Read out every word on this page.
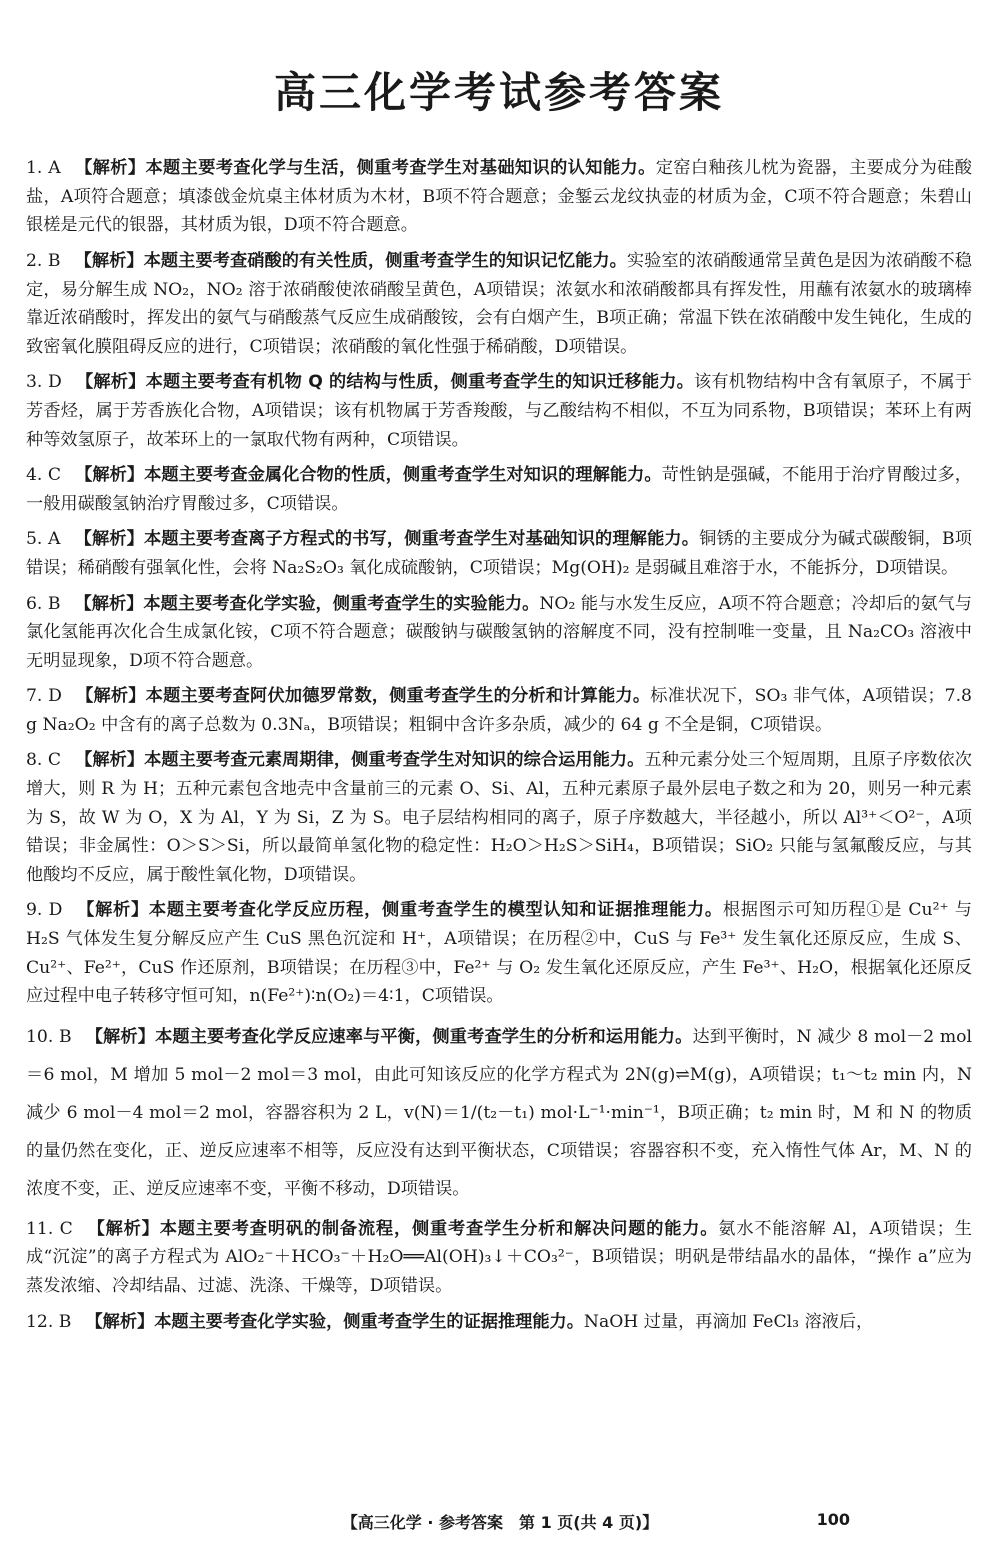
高三化学考试参考答案
1. A 【解析】本题主要考查化学与生活，侧重考查学生对基础知识的认知能力。定窑白釉孩儿枕为瓷器，主要成分为硅酸盐，A项符合题意；填漆戗金炕桌主体材质为木材，B项不符合题意；金錾云龙纹执壶的材质为金，C项不符合题意；朱碧山银槎是元代的银器，其材质为银，D项不符合题意。
2. B 【解析】本题主要考查硝酸的有关性质，侧重考查学生的知识记忆能力。实验室的浓硝酸通常呈黄色是因为浓硝酸不稳定，易分解生成 NO₂，NO₂ 溶于浓硝酸使浓硝酸呈黄色，A项错误；浓氨水和浓硝酸都具有挥发性，用蘸有浓氨水的玻璃棒靠近浓硝酸时，挥发出的氨气与硝酸蒸气反应生成硝酸铵，会有白烟产生，B项正确；常温下铁在浓硝酸中发生钝化，生成的致密氧化膜阻碍反应的进行，C项错误；浓硝酸的氧化性强于稀硝酸，D项错误。
3. D 【解析】本题主要考查有机物 Q 的结构与性质，侧重考查学生的知识迁移能力。该有机物结构中含有氧原子，不属于芳香烃，属于芳香族化合物，A项错误；该有机物属于芳香羧酸，与乙酸结构不相似，不互为同系物，B项错误；苯环上有两种等效氢原子，故苯环上的一氯取代物有两种，C项错误。
4. C 【解析】本题主要考查金属化合物的性质，侧重考查学生对知识的理解能力。苛性钠是强碱，不能用于治疗胃酸过多，一般用碳酸氢钠治疗胃酸过多，C项错误。
5. A 【解析】本题主要考查离子方程式的书写，侧重考查学生对基础知识的理解能力。铜锈的主要成分为碱式碳酸铜，B项错误；稀硝酸有强氧化性，会将 Na₂S₂O₃ 氧化成硫酸钠，C项错误；Mg(OH)₂ 是弱碱且难溶于水，不能拆分，D项错误。
6. B 【解析】本题主要考查化学实验，侧重考查学生的实验能力。NO₂ 能与水发生反应，A项不符合题意；冷却后的氨气与氯化氢能再次化合生成氯化铵，C项不符合题意；碳酸钠与碳酸氢钠的溶解度不同，没有控制唯一变量，且 Na₂CO₃ 溶液中无明显现象，D项不符合题意。
7. D 【解析】本题主要考查阿伏加德罗常数，侧重考查学生的分析和计算能力。标准状况下，SO₃ 非气体，A项错误；7.8 g Na₂O₂ 中含有的离子总数为 0.3Nₐ，B项错误；粗铜中含许多杂质，减少的 64 g 不全是铜，C项错误。
8. C 【解析】本题主要考查元素周期律，侧重考查学生对知识的综合运用能力。五种元素分处三个短周期，且原子序数依次增大，则 R 为 H；五种元素包含地壳中含量前三的元素 O、Si、Al，五种元素原子最外层电子数之和为 20，则另一种元素为 S，故 W 为 O，X 为 Al，Y 为 Si，Z 为 S。电子层结构相同的离子，原子序数越大，半径越小，所以 Al³⁺＜O²⁻，A项错误；非金属性：O＞S＞Si，所以最简单氢化物的稳定性：H₂O＞H₂S＞SiH₄，B项错误；SiO₂ 只能与氢氟酸反应，与其他酸均不反应，属于酸性氧化物，D项错误。
9. D 【解析】本题主要考查化学反应历程，侧重考查学生的模型认知和证据推理能力。根据图示可知历程①是 Cu²⁺ 与 H₂S 气体发生复分解反应产生 CuS 黑色沉淀和 H⁺，A项错误；在历程②中，CuS 与 Fe³⁺ 发生氧化还原反应，生成 S、Cu²⁺、Fe²⁺，CuS 作还原剂，B项错误；在历程③中，Fe²⁺ 与 O₂ 发生氧化还原反应，产生 Fe³⁺、H₂O，根据氧化还原反应过程中电子转移守恒可知，n(Fe²⁺)∶n(O₂)＝4∶1，C项错误。
10. B 【解析】本题主要考查化学反应速率与平衡，侧重考查学生的分析和运用能力。达到平衡时，N 减少 8 mol－2 mol＝6 mol，M 增加 5 mol－2 mol＝3 mol，由此可知该反应的化学方程式为 2N(g)⇌M(g)，A项错误；t₁～t₂ min 内，N 减少 6 mol－4 mol＝2 mol，容器容积为 2 L，v(N)＝1/(t₂－t₁) mol·L⁻¹·min⁻¹，B项正确；t₂ min 时，M 和 N 的物质的量仍然在变化，正、逆反应速率不相等，反应没有达到平衡状态，C项错误；容器容积不变，充入惰性气体 Ar，M、N 的浓度不变，正、逆反应速率不变，平衡不移动，D项错误。
11. C 【解析】本题主要考查明矾的制备流程，侧重考查学生分析和解决问题的能力。氨水不能溶解 Al，A项错误；生成“沉淀”的离子方程式为 AlO₂⁻＋HCO₃⁻＋H₂O══Al(OH)₃↓＋CO₃²⁻，B项错误；明矾是带结晶水的晶体，“操作 a”应为蒸发浓缩、冷却结晶、过滤、洗涤、干燥等，D项错误。
12. B 【解析】本题主要考查化学实验，侧重考查学生的证据推理能力。NaOH 过量，再滴加 FeCl₃ 溶液后，
【高三化学 · 参考答案　第 1 页(共 4 页)】	100
